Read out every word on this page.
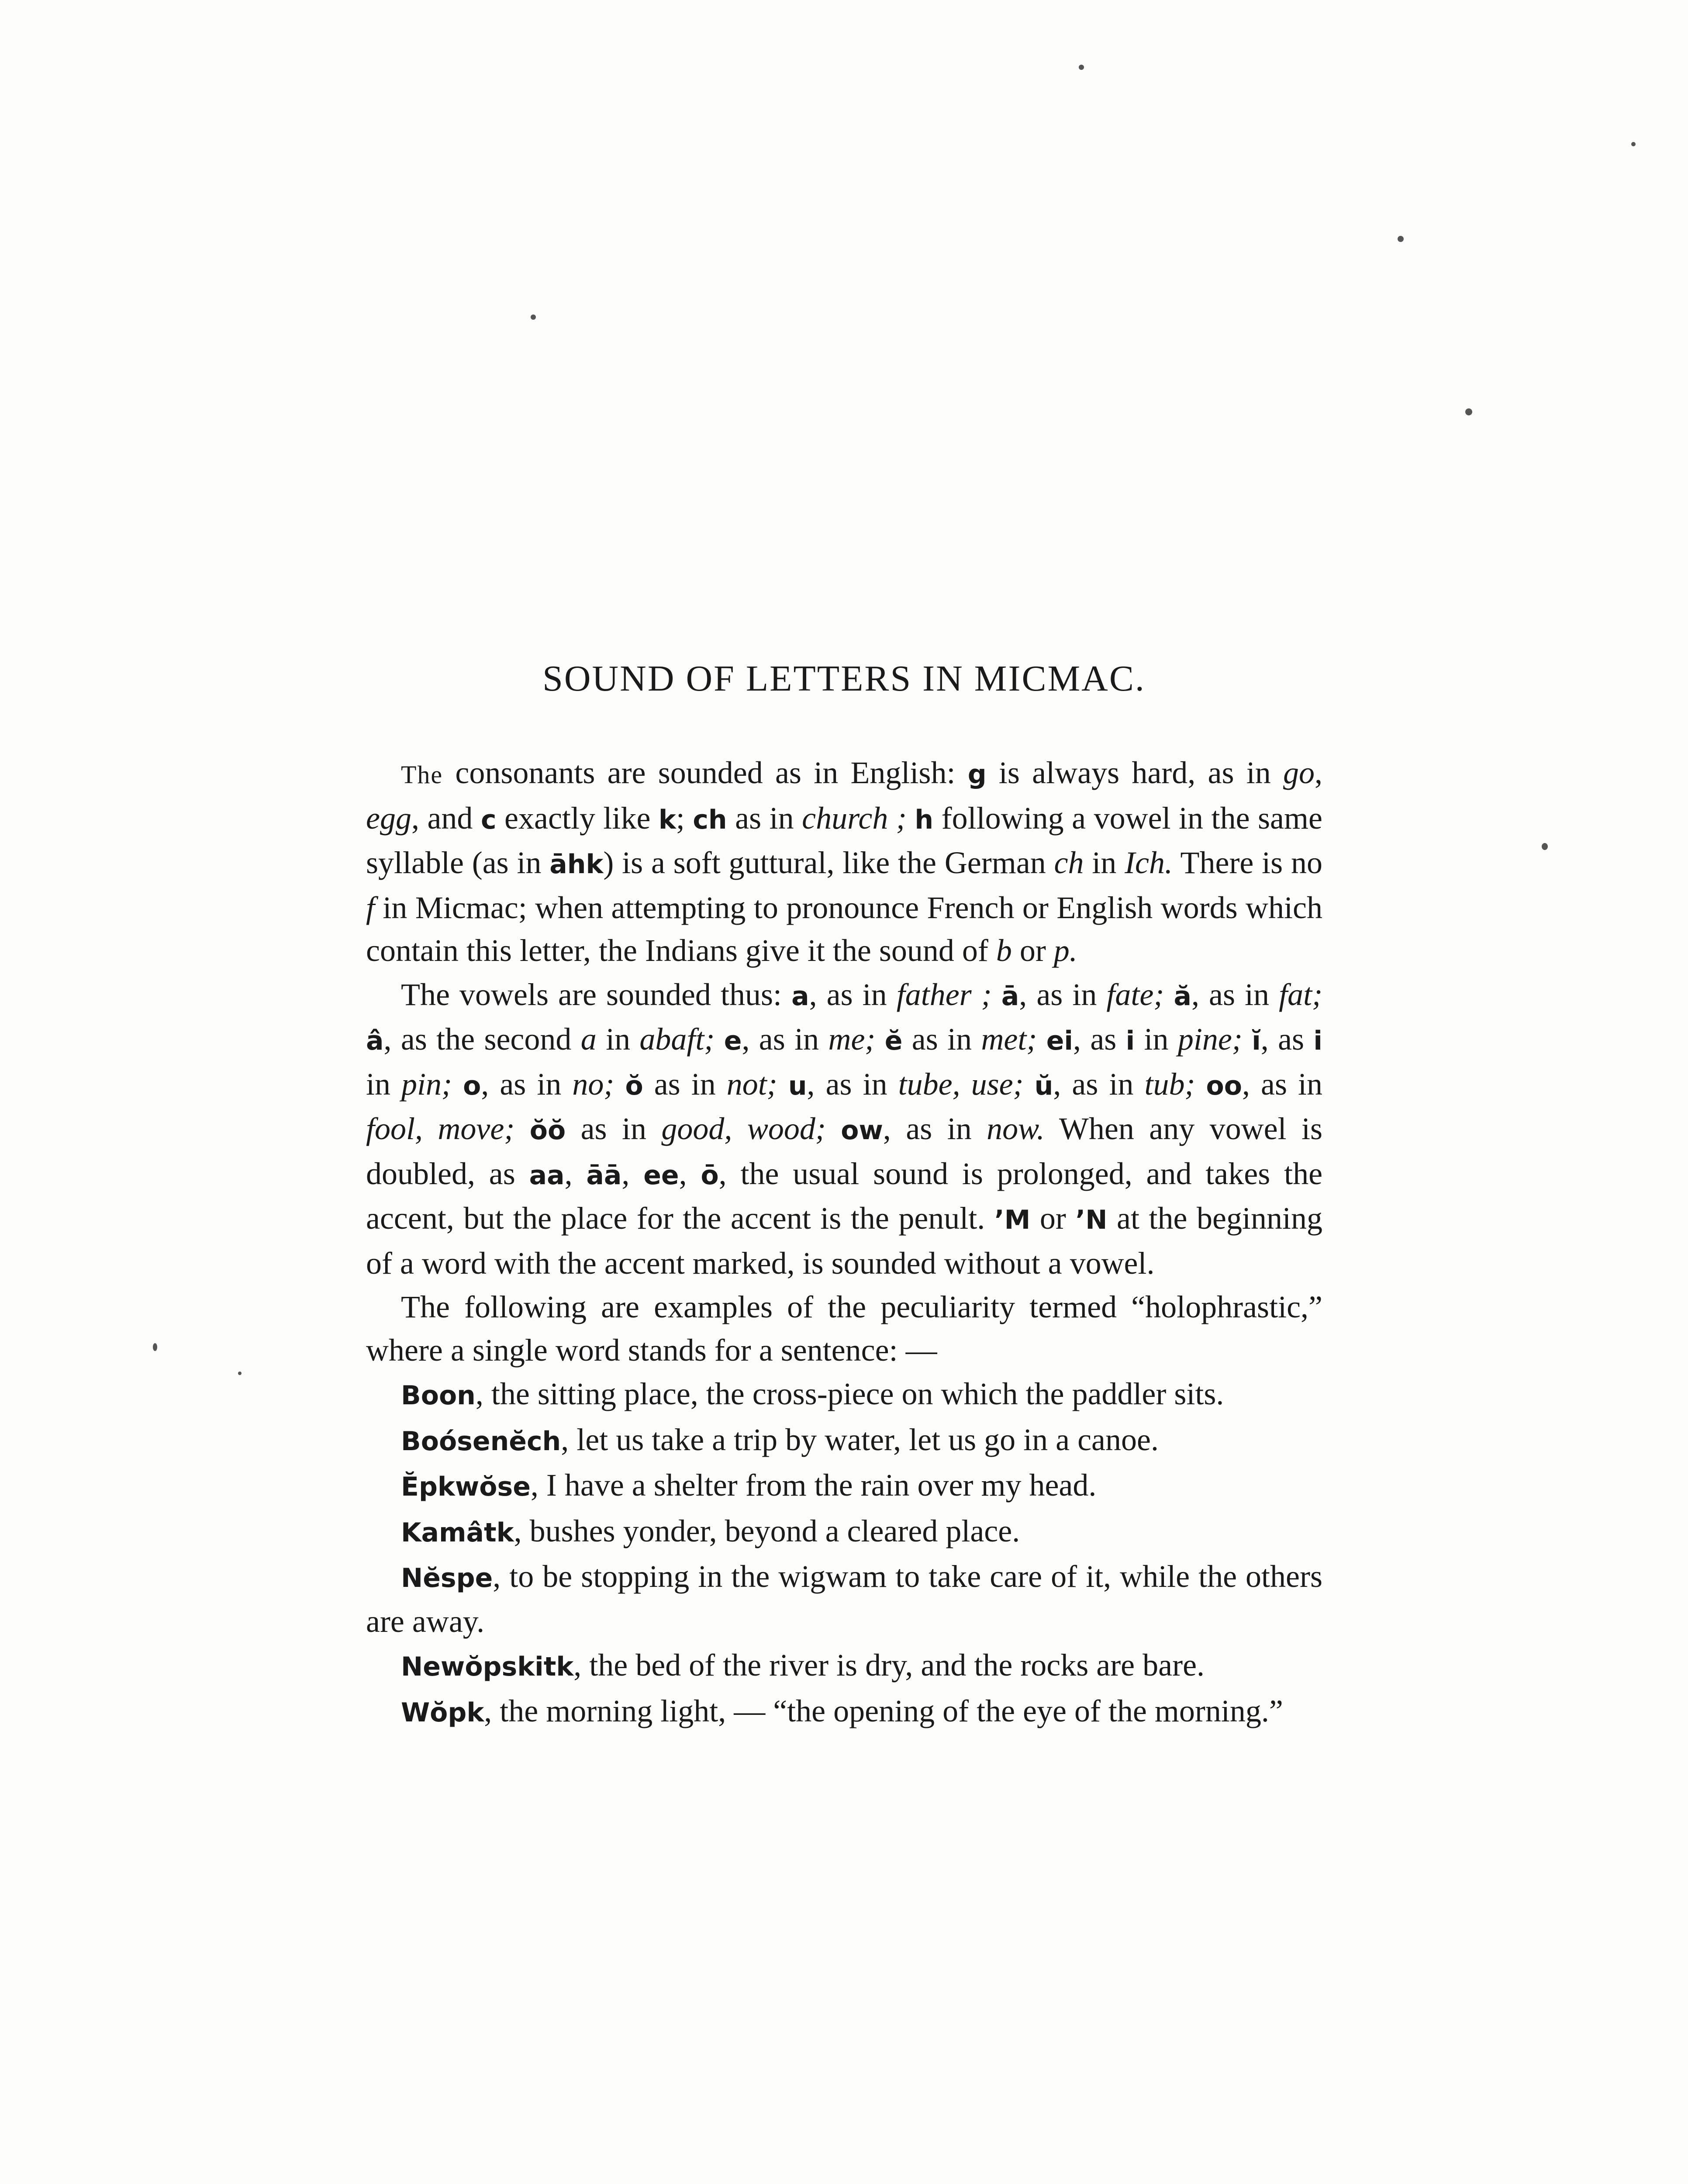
SOUND OF LETTERS IN MICMAC.

The consonants are sounded as in English: g is always hard, as in go, egg, and c exactly like k; ch as in church ; h following a vowel in the same syllable (as in āhk) is a soft guttural, like the German ch in Ich. There is no f in Micmac; when attempting to pronounce French or English words which contain this letter, the Indians give it the sound of b or p.

The vowels are sounded thus: a, as in father ; ā, as in fate; ă, as in fat; â, as the second a in abaft; e, as in me; ĕ as in met; ei, as i in pine; ĭ, as i in pin; o, as in no; ŏ as in not; u, as in tube, use; ŭ, as in tub; oo, as in fool, move; ŏŏ as in good, wood; ow, as in now. When any vowel is doubled, as aa, āā, ee, ō, the usual sound is prolonged, and takes the accent, but the place for the accent is the penult. ’M or ’N at the beginning of a word with the accent marked, is sounded without a vowel.

The following are examples of the peculiarity termed “holophrastic,” where a single word stands for a sentence: —

Boon, the sitting place, the cross-piece on which the paddler sits.

Boósenĕch, let us take a trip by water, let us go in a canoe.

Ĕpkwŏse, I have a shelter from the rain over my head.

Kamâtk, bushes yonder, beyond a cleared place.

Nĕspe, to be stopping in the wigwam to take care of it, while the others are away.

Newŏpskitk, the bed of the river is dry, and the rocks are bare.

Wŏpk, the morning light, — “the opening of the eye of the morning.”
